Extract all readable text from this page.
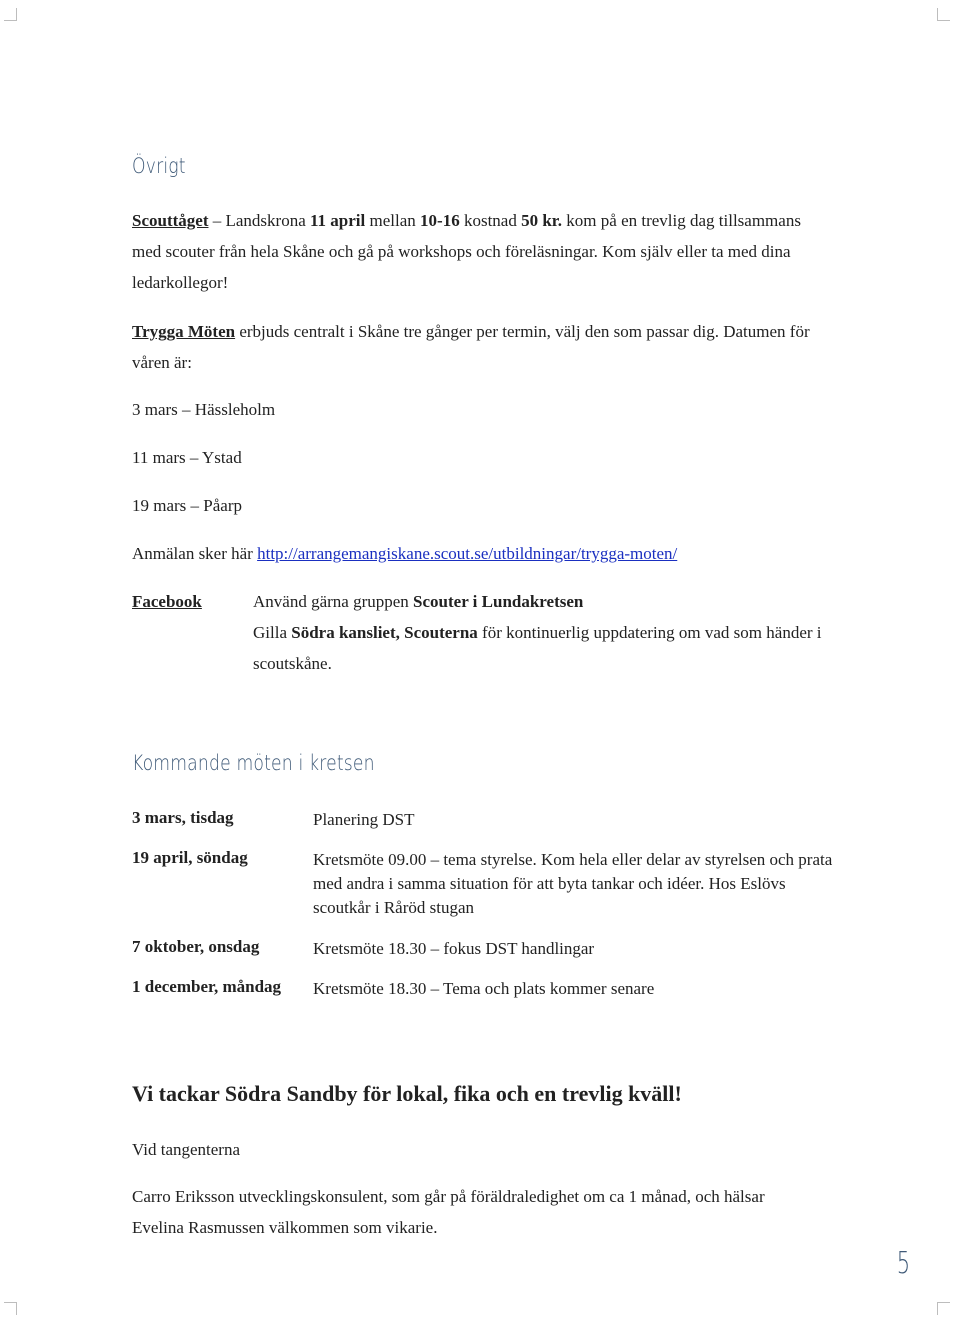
Övrigt
Scouttåget – Landskrona 11 april mellan 10-16 kostnad 50 kr. kom på en trevlig dag tillsammans med scouter från hela Skåne och gå på workshops och föreläsningar. Kom själv eller ta med dina ledarkollegor!
Trygga Möten erbjuds centralt i Skåne tre gånger per termin, välj den som passar dig. Datumen för våren är:
3 mars – Hässleholm
11 mars – Ystad
19 mars – Påarp
Anmälan sker här http://arrangemangiskane.scout.se/utbildningar/trygga-moten/
Facebook	Använd gärna gruppen Scouter i Lundakretsen
Gilla Södra kansliet, Scouterna för kontinuerlig uppdatering om vad som händer i scoutskåne.
Kommande möten i kretsen
3 mars, tisdag	Planering DST
19 april, söndag	Kretsmöte 09.00 – tema styrelse. Kom hela eller delar av styrelsen och prata med andra i samma situation för att byta tankar och idéer. Hos Eslövs scoutkår i Råröd stugan
7 oktober, onsdag	Kretsmöte 18.30 – fokus DST handlingar
1 december, måndag	Kretsmöte 18.30 – Tema och plats kommer senare
Vi tackar Södra Sandby för lokal, fika och en trevlig kväll!
Vid tangenterna
Carro Eriksson utvecklingskonsulent, som går på föräldraledighet om ca 1 månad, och hälsar Evelina Rasmussen välkommen som vikarie.
5
